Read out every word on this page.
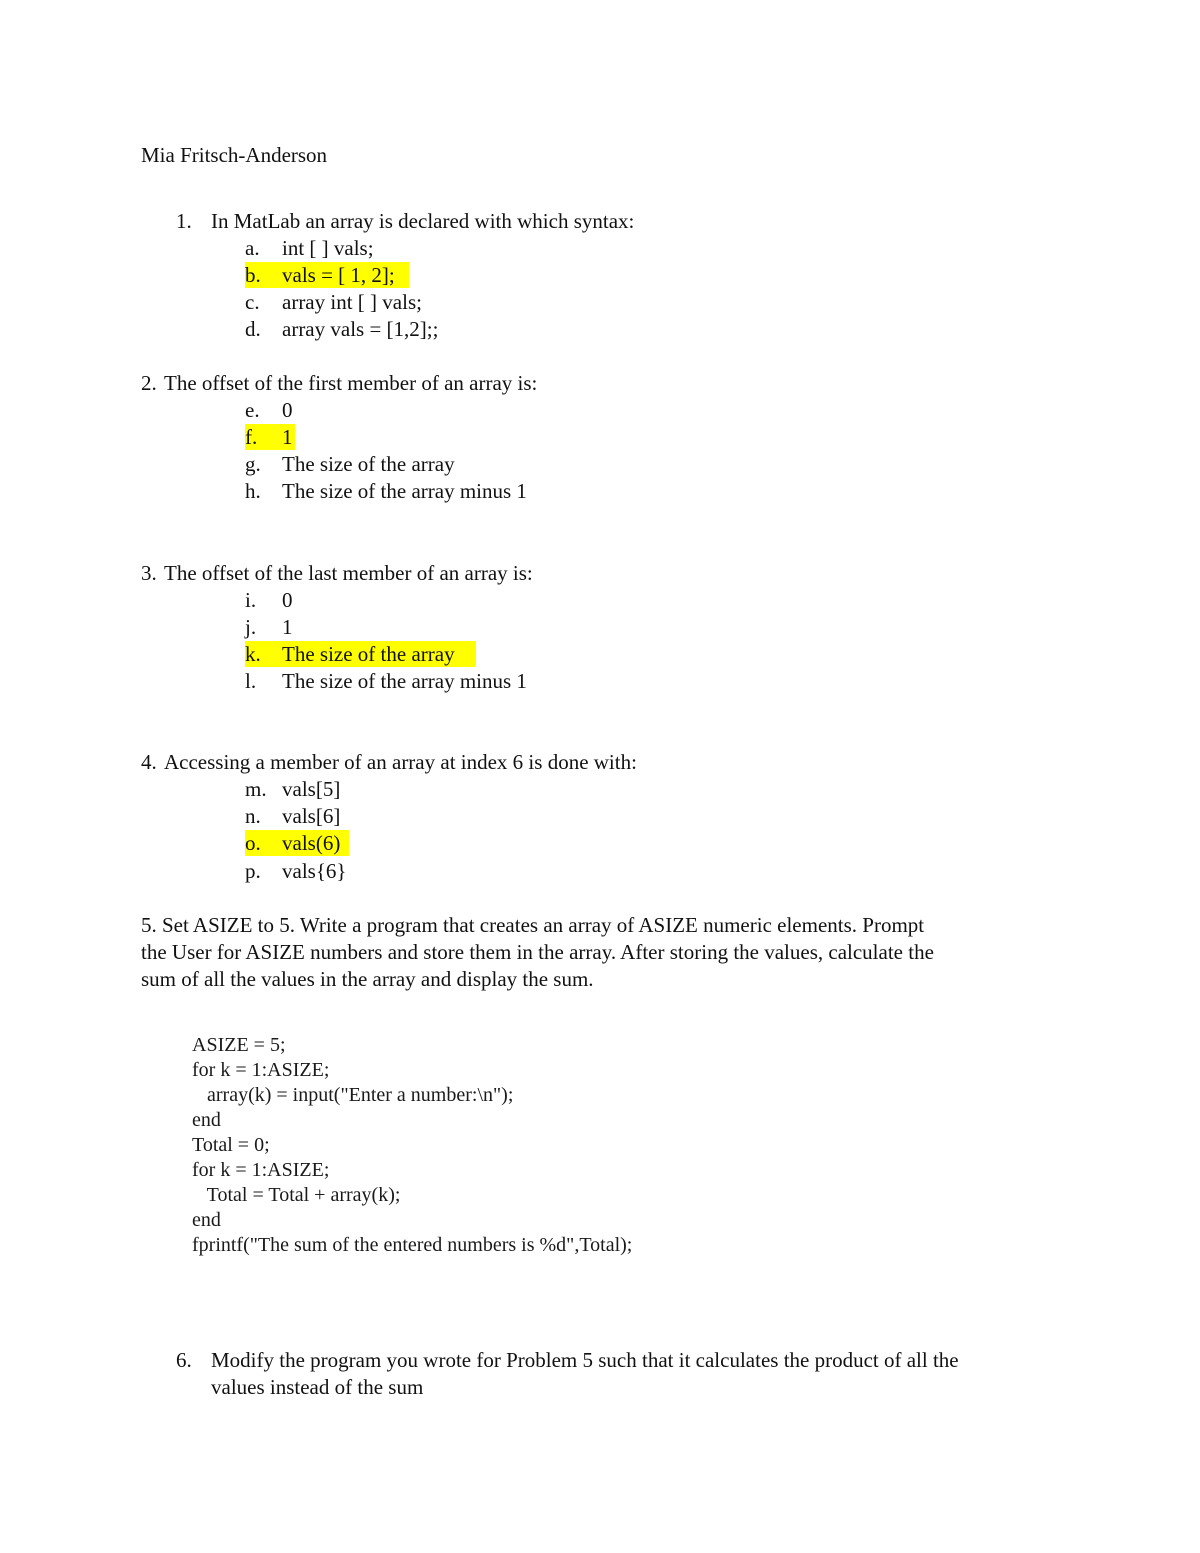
Mia Fritsch-Anderson
1. In MatLab an array is declared with which syntax:
a. int [ ] vals;
b. vals = [ 1, 2];
c. array int [ ] vals;
d. array vals = [1,2];;
2. The offset of the first member of an array is:
e. 0
f. 1
g. The size of the array
h. The size of the array minus 1
3. The offset of the last member of an array is:
i. 0
j. 1
k. The size of the array
l. The size of the array minus 1
4. Accessing a member of an array at index 6 is done with:
m. vals[5]
n. vals[6]
o. vals(6)
p. vals{6}
5. Set ASIZE to 5. Write a program that creates an array of ASIZE numeric elements. Prompt
the User for ASIZE numbers and store them in the array. After storing the values, calculate the
sum of all the values in the array and display the sum.
ASIZE = 5;
for k = 1:ASIZE;
array(k) = input("Enter a number:\n");
end
Total = 0;
for k = 1:ASIZE;
Total = Total + array(k);
end
fprintf("The sum of the entered numbers is %d",Total);
6. Modify the program you wrote for Problem 5 such that it calculates the product of all the
values instead of the sum
